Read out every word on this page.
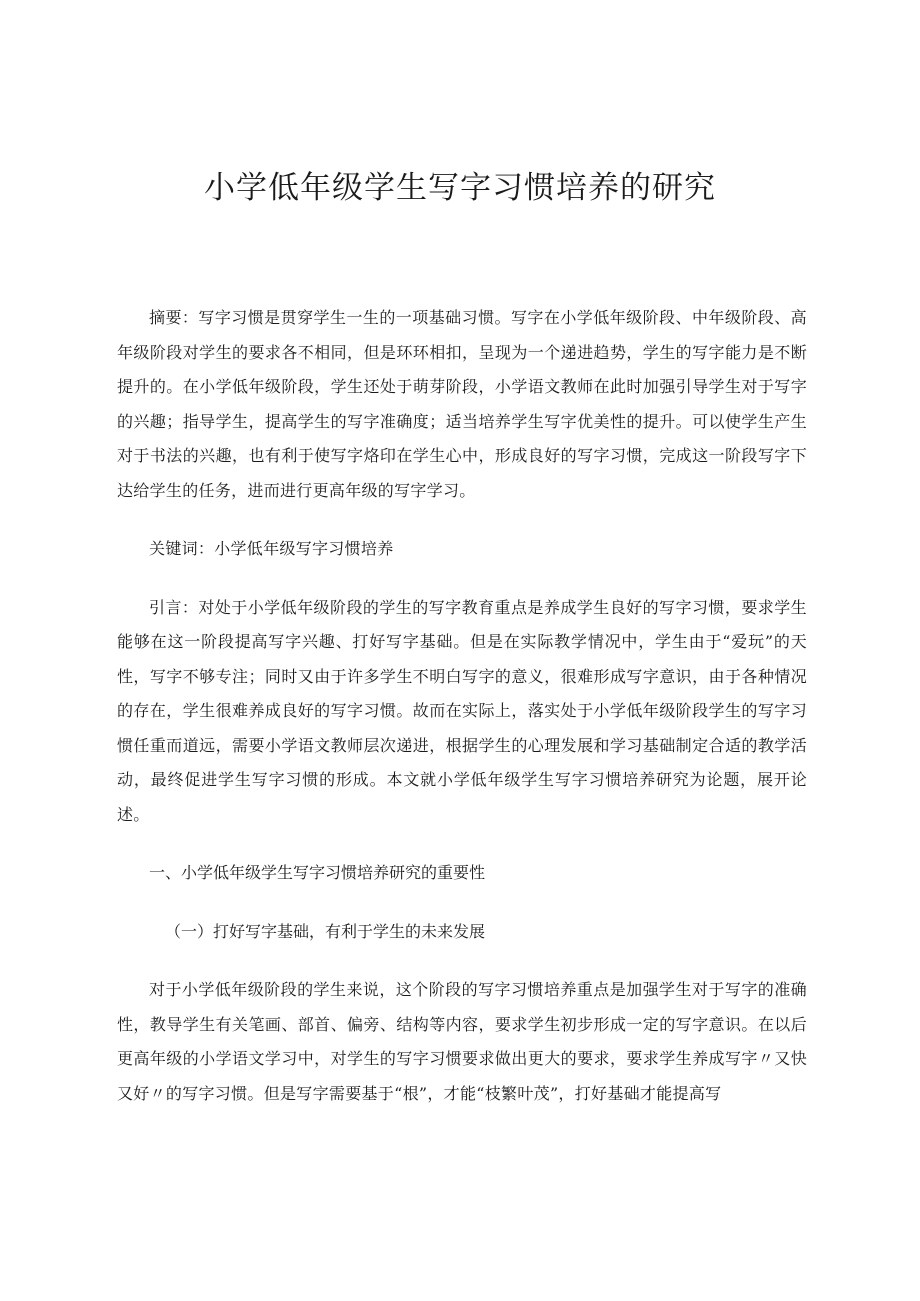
小学低年级学生写字习惯培养的研究

摘要：写字习惯是贯穿学生一生的一项基础习惯。写字在小学低年级阶段、中年级阶段、高年级阶段对学生的要求各不相同，但是环环相扣，呈现为一个递进趋势，学生的写字能力是不断提升的。在小学低年级阶段，学生还处于萌芽阶段，小学语文教师在此时加强引导学生对于写字的兴趣；指导学生，提高学生的写字准确度；适当培养学生写字优美性的提升。可以使学生产生对于书法的兴趣，也有利于使写字烙印在学生心中，形成良好的写字习惯，完成这一阶段写字下达给学生的任务，进而进行更高年级的写字学习。

关键词：小学低年级写字习惯培养

引言：对处于小学低年级阶段的学生的写字教育重点是养成学生良好的写字习惯，要求学生能够在这一阶段提高写字兴趣、打好写字基础。但是在实际教学情况中，学生由于“爱玩”的天性，写字不够专注；同时又由于许多学生不明白写字的意义，很难形成写字意识，由于各种情况的存在，学生很难养成良好的写字习惯。故而在实际上，落实处于小学低年级阶段学生的写字习惯任重而道远，需要小学语文教师层次递进，根据学生的心理发展和学习基础制定合适的教学活动，最终促进学生写字习惯的形成。本文就小学低年级学生写字习惯培养研究为论题，展开论述。

一、小学低年级学生写字习惯培养研究的重要性

（一）打好写字基础，有利于学生的未来发展

对于小学低年级阶段的学生来说，这个阶段的写字习惯培养重点是加强学生对于写字的准确性，教导学生有关笔画、部首、偏旁、结构等内容，要求学生初步形成一定的写字意识。在以后更高年级的小学语文学习中，对学生的写字习惯要求做出更大的要求，要求学生养成写字〃又快又好〃的写字习惯。但是写字需要基于“根”，才能“枝繁叶茂”，打好基础才能提高写
